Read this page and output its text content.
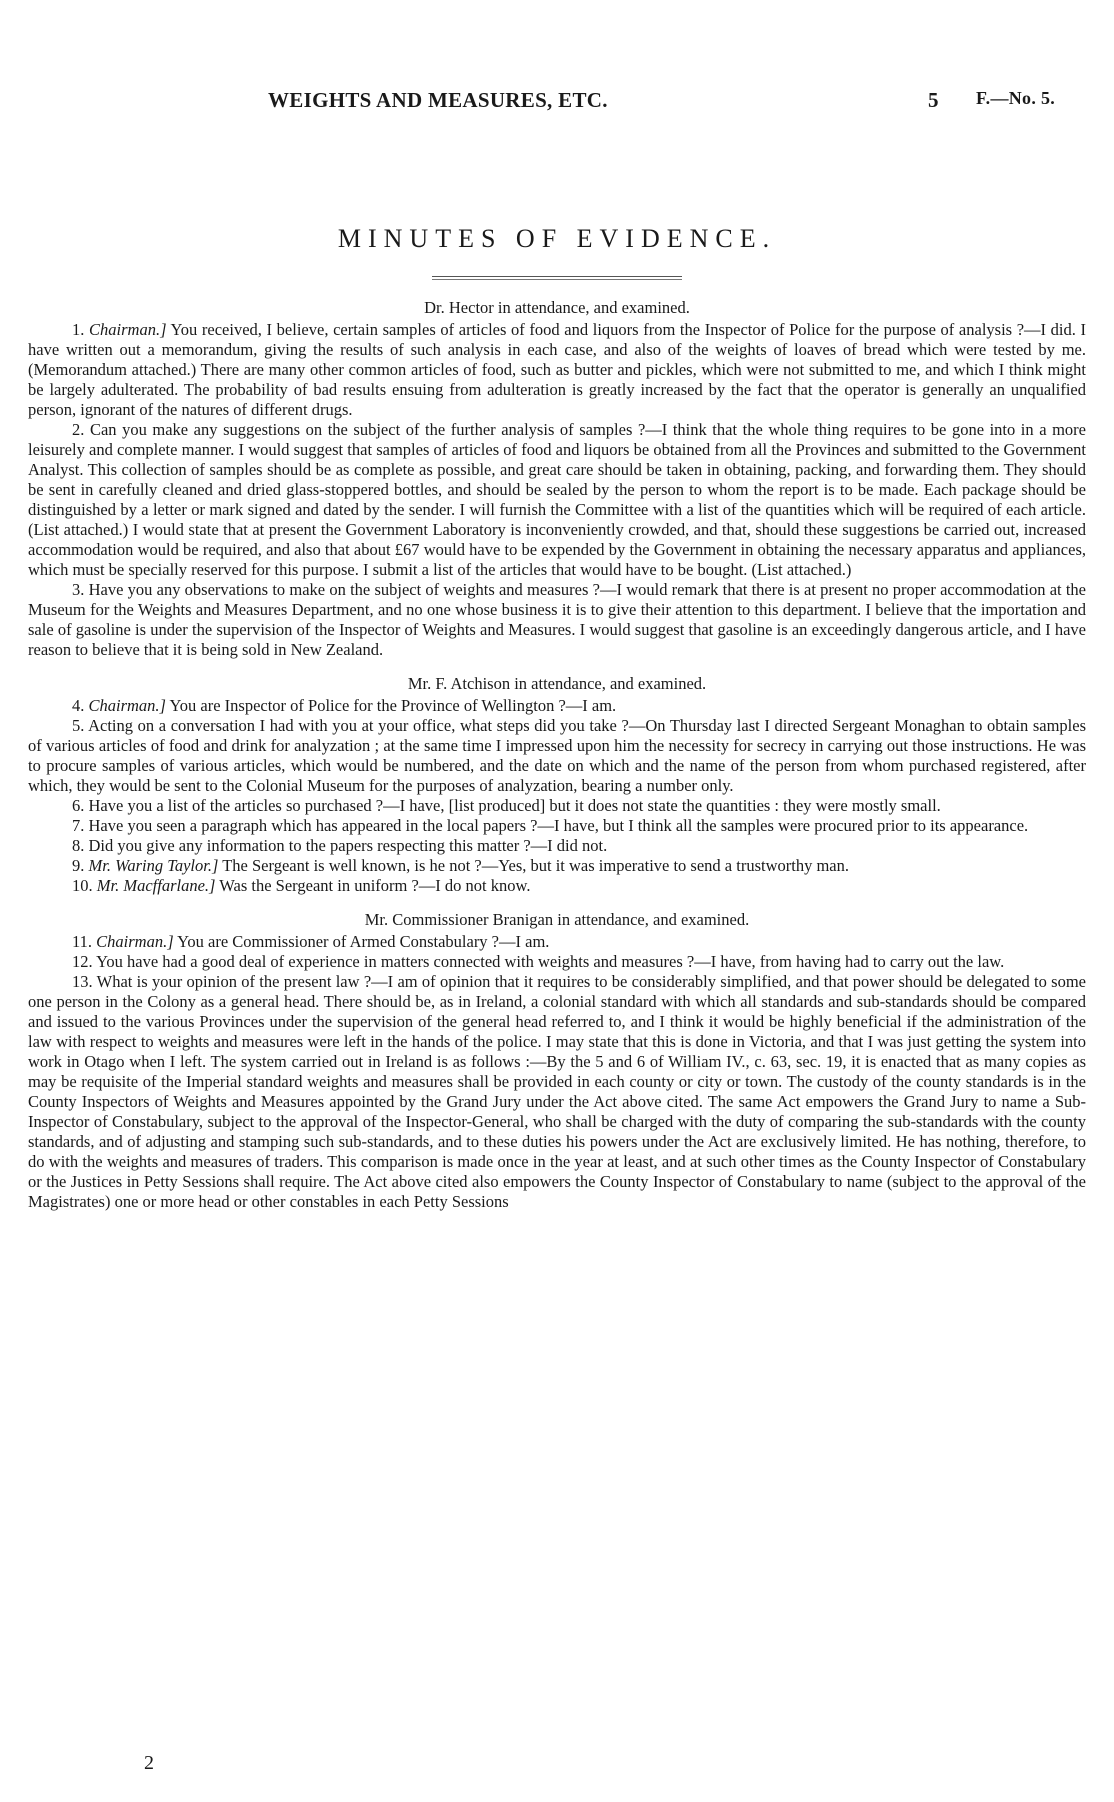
WEIGHTS AND MEASURES, ETC.	5 F.—No. 5.
MINUTES OF EVIDENCE.
Dr. Hector in attendance, and examined.

1. Chairman.] You received, I believe, certain samples of articles of food and liquors from the Inspector of Police for the purpose of analysis ?—I did. I have written out a memorandum, giving the results of such analysis in each case, and also of the weights of loaves of bread which were tested by me. (Memorandum attached.) There are many other common articles of food, such as butter and pickles, which were not submitted to me, and which I think might be largely adulterated. The probability of bad results ensuing from adulteration is greatly increased by the fact that the operator is generally an unqualified person, ignorant of the natures of different drugs.

2. Can you make any suggestions on the subject of the further analysis of samples ?—I think that the whole thing requires to be gone into in a more leisurely and complete manner. I would suggest that samples of articles of food and liquors be obtained from all the Provinces and submitted to the Government Analyst. This collection of samples should be as complete as possible, and great care should be taken in obtaining, packing, and forwarding them. They should be sent in carefully cleaned and dried glass-stoppered bottles, and should be sealed by the person to whom the report is to be made. Each package should be distinguished by a letter or mark signed and dated by the sender. I will furnish the Committee with a list of the quantities which will be required of each article. (List attached.) I would state that at present the Government Laboratory is inconveniently crowded, and that, should these suggestions be carried out, increased accommodation would be required, and also that about £67 would have to be expended by the Government in obtaining the necessary apparatus and appliances, which must be specially reserved for this purpose. I submit a list of the articles that would have to be bought. (List attached.)

3. Have you any observations to make on the subject of weights and measures ?—I would remark that there is at present no proper accommodation at the Museum for the Weights and Measures Department, and no one whose business it is to give their attention to this department. I believe that the importation and sale of gasoline is under the supervision of the Inspector of Weights and Measures. I would suggest that gasoline is an exceedingly dangerous article, and I have reason to believe that it is being sold in New Zealand.

Mr. F. Atchison in attendance, and examined.

4. Chairman.] You are Inspector of Police for the Province of Wellington ?—I am.

5. Acting on a conversation I had with you at your office, what steps did you take ?—On Thursday last I directed Sergeant Monaghan to obtain samples of various articles of food and drink for analyzation ; at the same time I impressed upon him the necessity for secrecy in carrying out those instructions. He was to procure samples of various articles, which would be numbered, and the date on which and the name of the person from whom purchased registered, after which, they would be sent to the Colonial Museum for the purposes of analyzation, bearing a number only.

6. Have you a list of the articles so purchased ?—I have, [list produced] but it does not state the quantities : they were mostly small.

7. Have you seen a paragraph which has appeared in the local papers ?—I have, but I think all the samples were procured prior to its appearance.

8. Did you give any information to the papers respecting this matter ?—I did not.

9. Mr. Waring Taylor.] The Sergeant is well known, is he not ?—Yes, but it was imperative to send a trustworthy man.

10. Mr. Macffarlane.] Was the Sergeant in uniform ?—I do not know.

Mr. Commissioner Branigan in attendance, and examined.

11. Chairman.] You are Commissioner of Armed Constabulary ?—I am.

12. You have had a good deal of experience in matters connected with weights and measures ?—I have, from having had to carry out the law.

13. What is your opinion of the present law ?—I am of opinion that it requires to be considerably simplified, and that power should be delegated to some one person in the Colony as a general head. There should be, as in Ireland, a colonial standard with which all standards and sub-standards should be compared and issued to the various Provinces under the supervision of the general head referred to, and I think it would be highly beneficial if the administration of the law with respect to weights and measures were left in the hands of the police. I may state that this is done in Victoria, and that I was just getting the system into work in Otago when I left. The system carried out in Ireland is as follows :—By the 5 and 6 of William IV., c. 63, sec. 19, it is enacted that as many copies as may be requisite of the Imperial standard weights and measures shall be provided in each county or city or town. The custody of the county standards is in the County Inspectors of Weights and Measures appointed by the Grand Jury under the Act above cited. The same Act empowers the Grand Jury to name a Sub-Inspector of Constabulary, subject to the approval of the Inspector-General, who shall be charged with the duty of comparing the sub-standards with the county standards, and of adjusting and stamping such sub-standards, and to these duties his powers under the Act are exclusively limited. He has nothing, therefore, to do with the weights and measures of traders. This comparison is made once in the year at least, and at such other times as the County Inspector of Constabulary or the Justices in Petty Sessions shall require. The Act above cited also empowers the County Inspector of Constabulary to name (subject to the approval of the Magistrates) one or more head or other constables in each Petty Sessions

2
